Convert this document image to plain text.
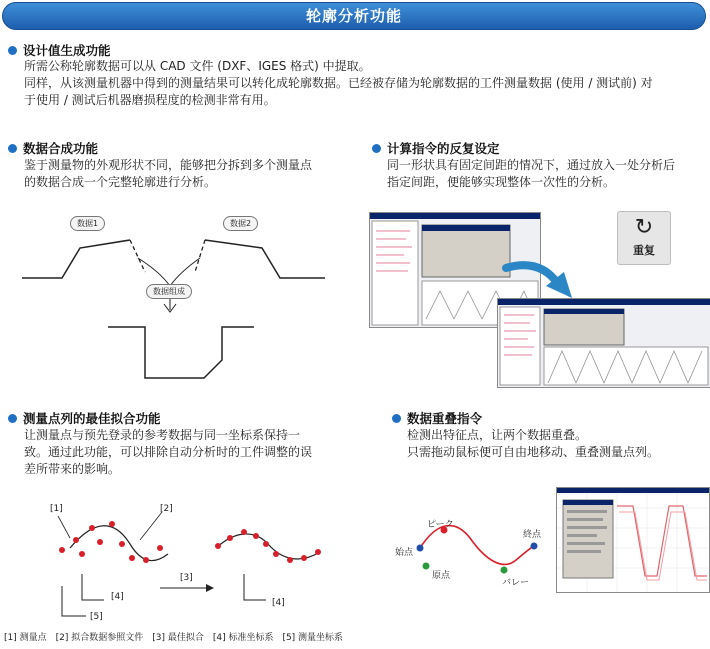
轮廓分析功能
设计值生成功能
所需公称轮廓数据可以从 CAD 文件 (DXF、IGES 格式) 中提取。
同样，从该测量机器中得到的测量结果可以转化成轮廓数据。已经被存储为轮廓数据的工件测量数据 (使用 / 测试前) 对
于使用 / 测试后机器磨损程度的检测非常有用。
数据合成功能
鉴于测量物的外观形状不同，能够把分拆到多个测量点
的数据合成一个完整轮廓进行分析。
数据1	数据2
数据组成
计算指令的反复设定
同一形状具有固定间距的情况下，通过放入一处分析后
指定间距，便能够实现整体一次性的分析。
↻
重复
测量点列的最佳拟合功能
让测量点与预先登录的参考数据与同一坐标系保持一
致。通过此功能，可以排除自动分析时的工件调整的误
差所带来的影响。
[1]	[2]
[3]
[4]
[4]
[5]
[1] 测量点　[2] 拟合数据参照文件　[3] 最佳拟合　[4] 标准坐标系　[5] 测量坐标系
数据重叠指令
检测出特征点，让两个数据重叠。
只需拖动鼠标便可自由地移动、重叠测量点列。
ピーク
始点
終点
原点
バレー
